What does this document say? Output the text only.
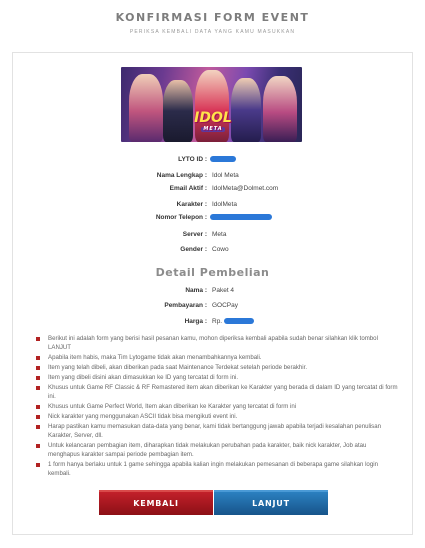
KONFIRMASI FORM EVENT
PERIKSA KEMBALI DATA YANG KAMU MASUKKAN
IDOL
META
LYTO ID :
Nama Lengkap : Idol Meta
Email Aktif : IdolMeta@Dolmet.com
Karakter : IdolMeta
Nomor Telepon :
Server : Meta
Gender : Cowo
Detail Pembelian
Nama : Paket 4
Pembayaran : GOCPay
Harga : Rp.
Berikut ini adalah form yang berisi hasil pesanan kamu, mohon diperiksa kembali apabila sudah benar silahkan klik tombol LANJUT
Apabila item habis, maka Tim Lytogame tidak akan menambahkannya kembali.
Item yang telah dibeli, akan diberikan pada saat Maintenance Terdekat setelah periode berakhir.
Item yang dibeli disini akan dimasukkan ke ID yang tercatat di form ini.
Khusus untuk Game RF Classic & RF Remastered item akan diberikan ke Karakter yang berada di dalam ID yang tercatat di form ini.
Khusus untuk Game Perfect World, Item akan diberikan ke Karakter yang tercatat di form ini
Nick karakter yang menggunakan ASCII tidak bisa mengikuti event ini.
Harap pastikan kamu memasukan data-data yang benar, kami tidak bertanggung jawab apabila terjadi kesalahan penulisan Karakter, Server, dll.
Untuk kelancaran pembagian item, diharapkan tidak melakukan perubahan pada karakter, baik nick karakter, Job atau menghapus karakter sampai periode pembagian item.
1 form hanya berlaku untuk 1 game sehingga apabila kalian ingin melakukan pemesanan di beberapa game silahkan login kembali.
KEMBALI	LANJUT
